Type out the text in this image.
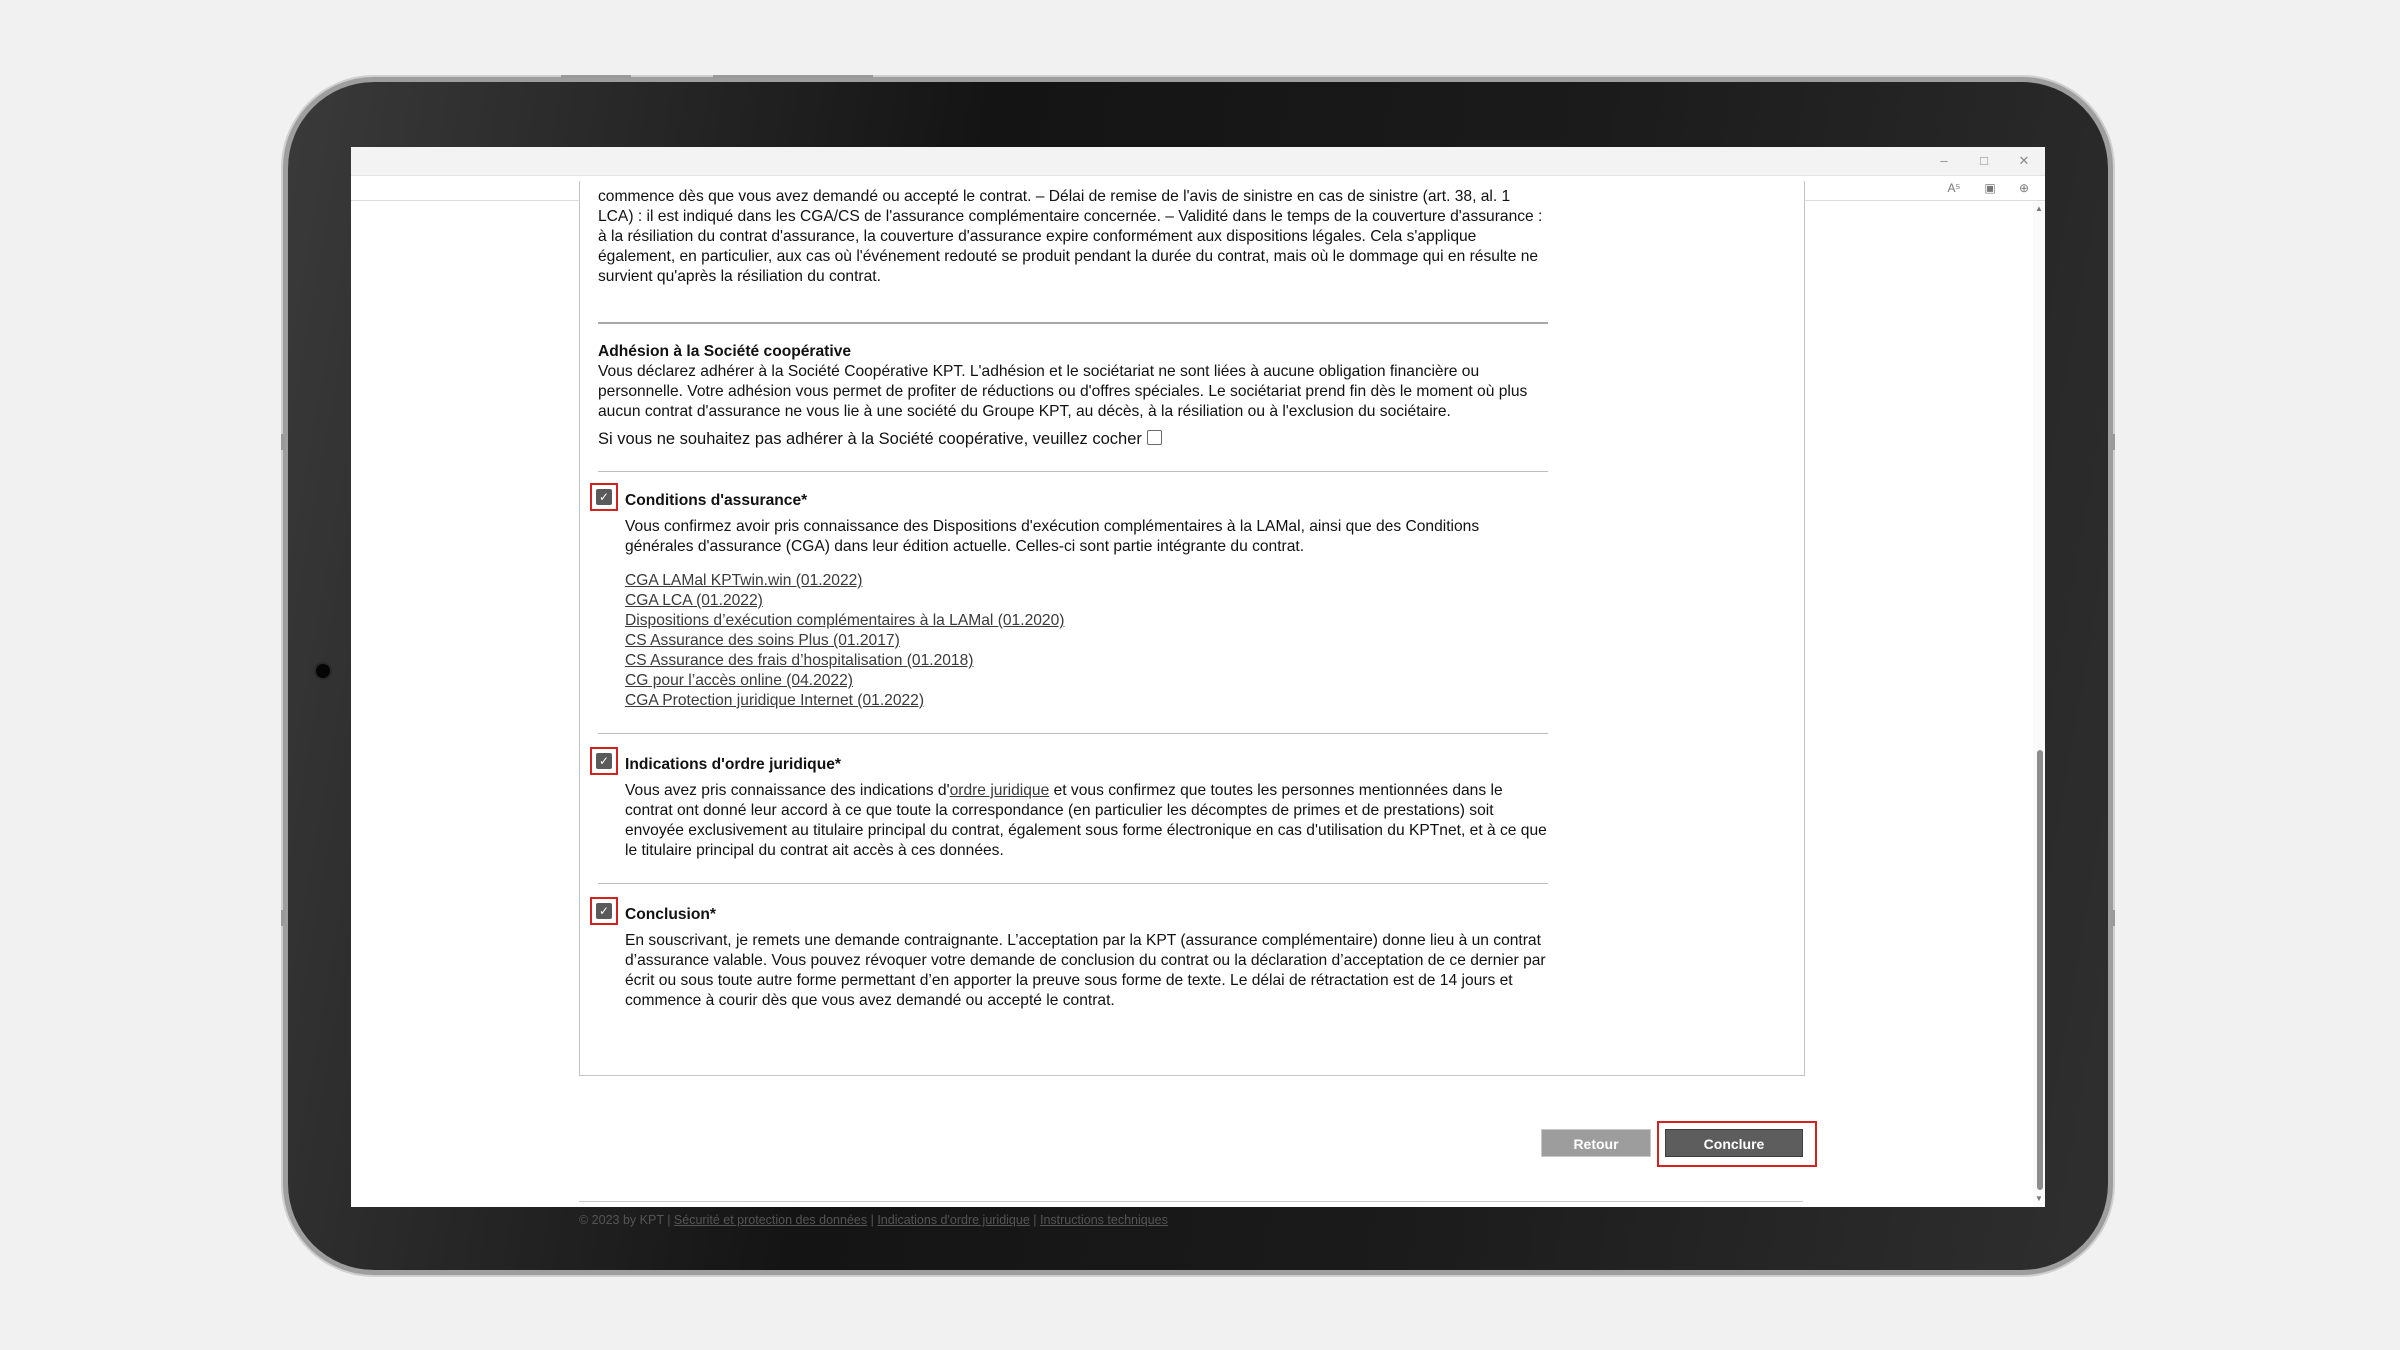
–	□	✕
A⁵	▣	⊕
commence dès que vous avez demandé ou accepté le contrat. – Délai de remise de l'avis de sinistre en cas de sinistre (art. 38, al. 1 LCA) : il est indiqué dans les CGA/CS de l'assurance complémentaire concernée. – Validité dans le temps de la couverture d'assurance : à la résiliation du contrat d'assurance, la couverture d'assurance expire conformément aux dispositions légales. Cela s'applique également, en particulier, aux cas où l'événement redouté se produit pendant la durée du contrat, mais où le dommage qui en résulte ne survient qu'après la résiliation du contrat.
Adhésion à la Société coopérative
Vous déclarez adhérer à la Société Coopérative KPT. L'adhésion et le sociétariat ne sont liées à aucune obligation financière ou personnelle. Votre adhésion vous permet de profiter de réductions ou d'offres spéciales. Le sociétariat prend fin dès le moment où plus aucun contrat d'assurance ne vous lie à une société du Groupe KPT, au décès, à la résiliation ou à l'exclusion du sociétaire.
Si vous ne souhaitez pas adhérer à la Société coopérative, veuillez cocher
✓ Conditions d'assurance*
Vous confirmez avoir pris connaissance des Dispositions d'exécution complémentaires à la LAMal, ainsi que des Conditions générales d'assurance (CGA) dans leur édition actuelle. Celles-ci sont partie intégrante du contrat.
CGA LAMal KPTwin.win (01.2022)
CGA LCA (01.2022)
Dispositions d’exécution complémentaires à la LAMal (01.2020)
CS Assurance des soins Plus (01.2017)
CS Assurance des frais d’hospitalisation (01.2018)
CG pour l’accès online (04.2022)
CGA Protection juridique Internet (01.2022)
✓ Indications d'ordre juridique*
Vous avez pris connaissance des indications d'ordre juridique et vous confirmez que toutes les personnes mentionnées dans le contrat ont donné leur accord à ce que toute la correspondance (en particulier les décomptes de primes et de prestations) soit envoyée exclusivement au titulaire principal du contrat, également sous forme électronique en cas d'utilisation du KPTnet, et à ce que le titulaire principal du contrat ait accès à ces données.
✓ Conclusion*
En souscrivant, je remets une demande contraignante. L’acceptation par la KPT (assurance complémentaire) donne lieu à un contrat d’assurance valable. Vous pouvez révoquer votre demande de conclusion du contrat ou la déclaration d’acceptation de ce dernier par écrit ou sous toute autre forme permettant d’en apporter la preuve sous forme de texte. Le délai de rétractation est de 14 jours et commence à courir dès que vous avez demandé ou accepté le contrat.
Retour	Conclure
© 2023 by KPT | Sécurité et protection des données | Indications d'ordre juridique | Instructions techniques
▲
▼
